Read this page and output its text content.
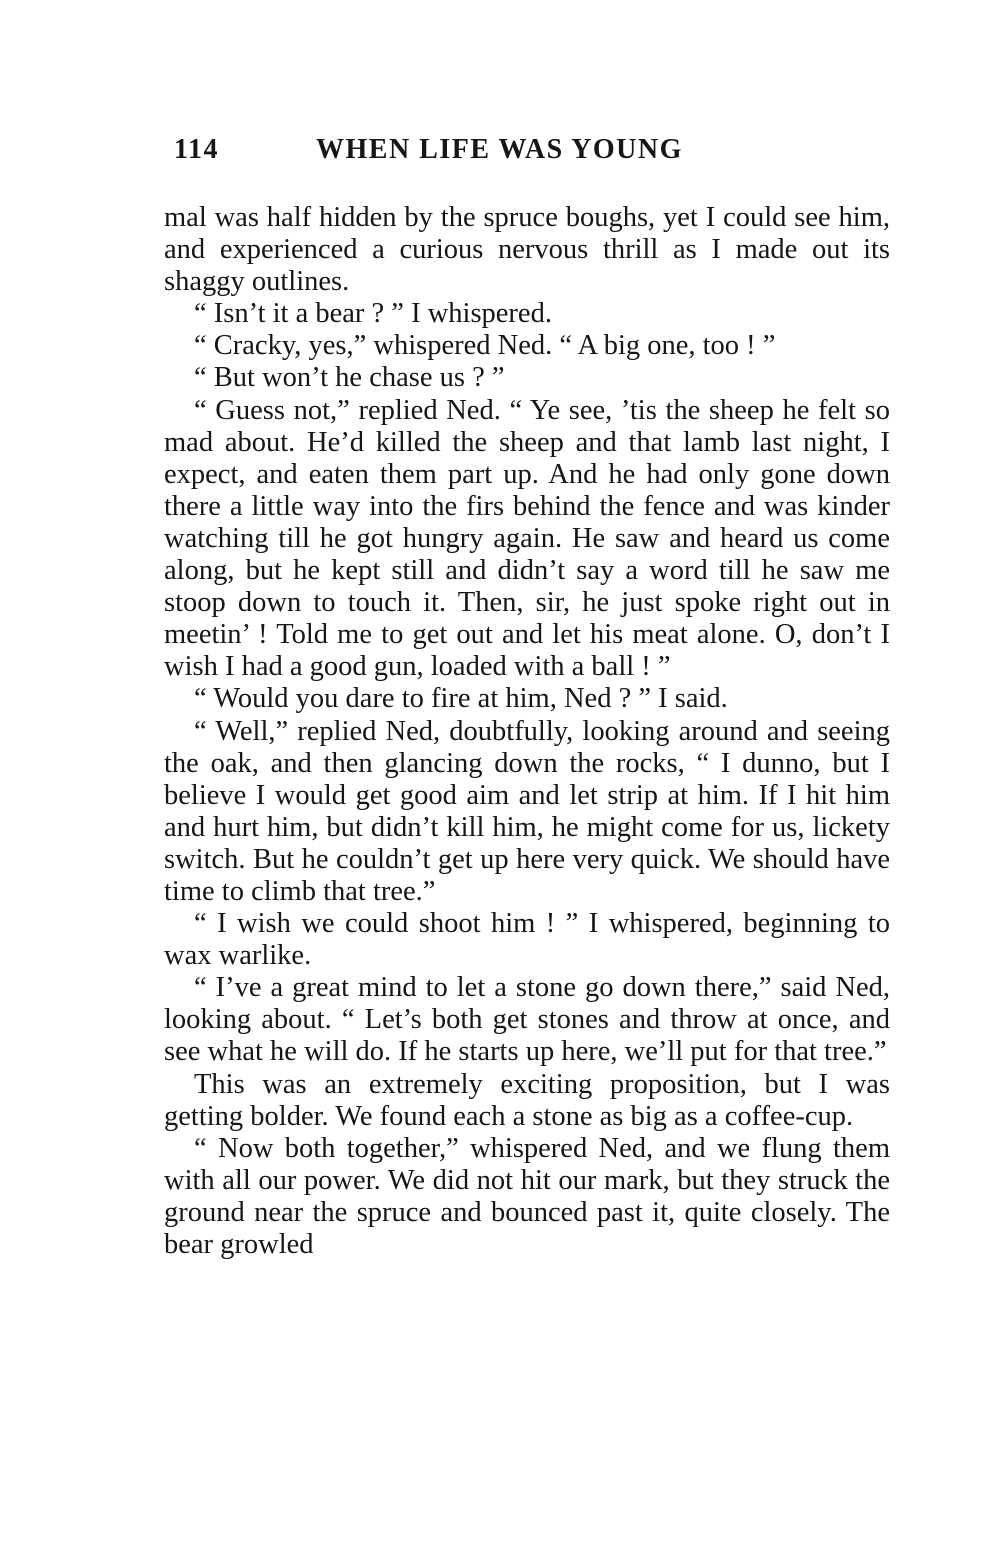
114	WHEN LIFE WAS YOUNG

mal was half hidden by the spruce boughs, yet I could see him, and experienced a curious nervous thrill as I made out its shaggy outlines.

“ Isn’t it a bear ? ” I whispered.

“ Cracky, yes,” whispered Ned. “ A big one, too ! ”

“ But won’t he chase us ? ”

“ Guess not,” replied Ned. “ Ye see, ’tis the sheep he felt so mad about. He’d killed the sheep and that lamb last night, I expect, and eaten them part up. And he had only gone down there a little way into the firs behind the fence and was kinder watching till he got hungry again. He saw and heard us come along, but he kept still and didn’t say a word till he saw me stoop down to touch it. Then, sir, he just spoke right out in meetin’ ! Told me to get out and let his meat alone. O, don’t I wish I had a good gun, loaded with a ball ! ”

“ Would you dare to fire at him, Ned ? ” I said.

“ Well,” replied Ned, doubtfully, looking around and seeing the oak, and then glancing down the rocks, “ I dunno, but I believe I would get good aim and let strip at him. If I hit him and hurt him, but didn’t kill him, he might come for us, lickety switch. But he couldn’t get up here very quick. We should have time to climb that tree.”

“ I wish we could shoot him ! ” I whispered, beginning to wax warlike.

“ I’ve a great mind to let a stone go down there,” said Ned, looking about. “ Let’s both get stones and throw at once, and see what he will do. If he starts up here, we’ll put for that tree.”

This was an extremely exciting proposition, but I was getting bolder. We found each a stone as big as a coffee-cup.

“ Now both together,” whispered Ned, and we flung them with all our power. We did not hit our mark, but they struck the ground near the spruce and bounced past it, quite closely. The bear growled
